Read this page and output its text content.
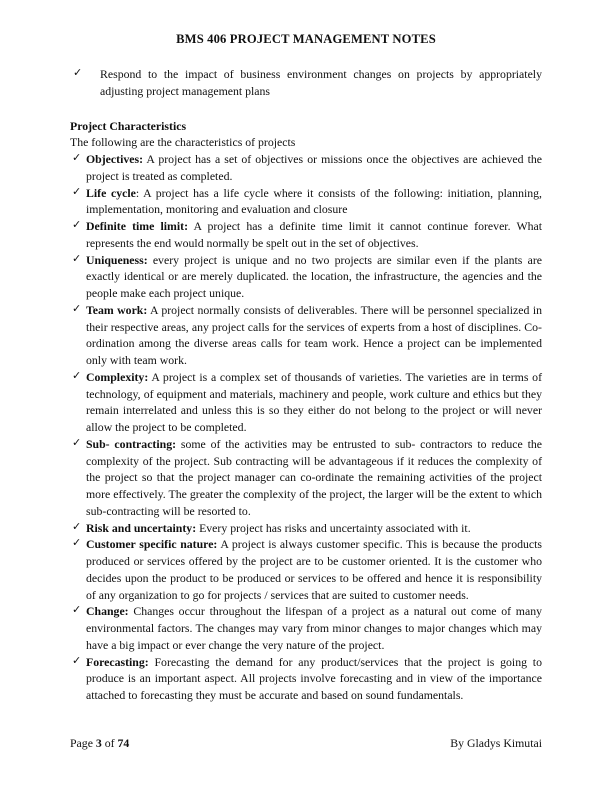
BMS 406 PROJECT MANAGEMENT NOTES
✓ Respond to the impact of business environment changes on projects by appropriately adjusting project management plans
Project Characteristics
The following are the characteristics of projects
✓ Objectives: A project has a set of objectives or missions once the objectives are achieved the project is treated as completed.
✓ Life cycle: A project has a life cycle where it consists of the following: initiation, planning, implementation, monitoring and evaluation and closure
✓ Definite time limit: A project has a definite time limit it cannot continue forever. What represents the end would normally be spelt out in the set of objectives.
✓ Uniqueness: every project is unique and no two projects are similar even if the plants are exactly identical or are merely duplicated. the location, the infrastructure, the agencies and the people make each project unique.
✓ Team work: A project normally consists of deliverables. There will be personnel specialized in their respective areas, any project calls for the services of experts from a host of disciplines. Co-ordination among the diverse areas calls for team work. Hence a project can be implemented only with team work.
✓ Complexity: A project is a complex set of thousands of varieties. The varieties are in terms of technology, of equipment and materials, machinery and people, work culture and ethics but they remain interrelated and unless this is so they either do not belong to the project or will never allow the project to be completed.
✓ Sub- contracting: some of the activities may be entrusted to sub- contractors to reduce the complexity of the project. Sub contracting will be advantageous if it reduces the complexity of the project so that the project manager can co-ordinate the remaining activities of the project more effectively. The greater the complexity of the project, the larger will be the extent to which sub-contracting will be resorted to.
✓ Risk and uncertainty: Every project has risks and uncertainty associated with it.
✓ Customer specific nature: A project is always customer specific. This is because the products produced or services offered by the project are to be customer oriented. It is the customer who decides upon the product to be produced or services to be offered and hence it is responsibility of any organization to go for projects / services that are suited to customer needs.
✓ Change: Changes occur throughout the lifespan of a project as a natural out come of many environmental factors. The changes may vary from minor changes to major changes which may have a big impact or ever change the very nature of the project.
✓ Forecasting: Forecasting the demand for any product/services that the project is going to produce is an important aspect. All projects involve forecasting and in view of the importance attached to forecasting they must be accurate and based on sound fundamentals.
Page 3 of 74	By Gladys Kimutai
